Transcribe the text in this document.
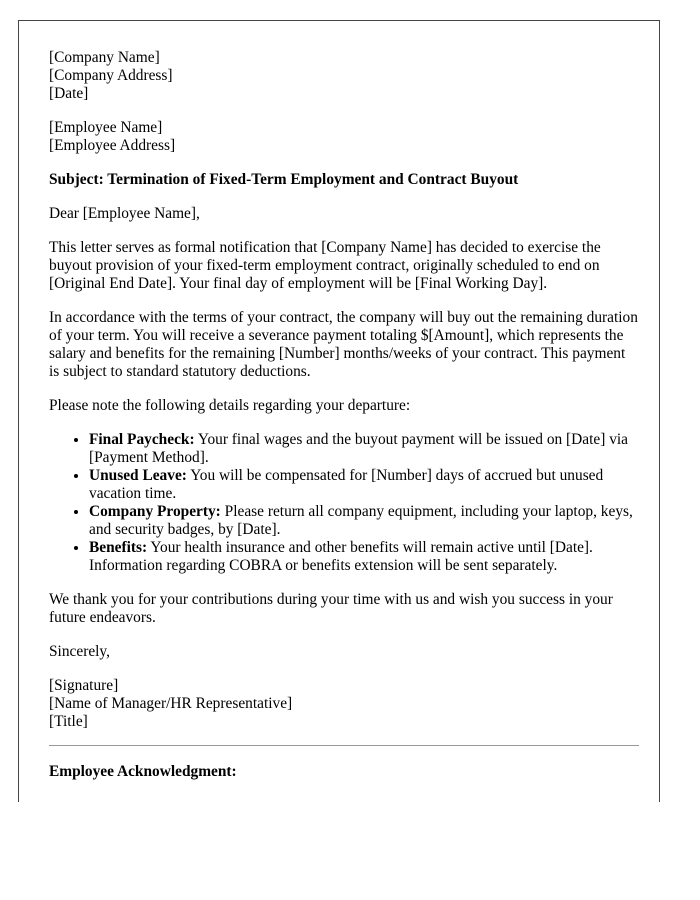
[Company Name]
[Company Address]
[Date]
[Employee Name]
[Employee Address]
Subject: Termination of Fixed-Term Employment and Contract Buyout

Dear [Employee Name],

This letter serves as formal notification that [Company Name] has decided to exercise the buyout provision of your fixed-term employment contract, originally scheduled to end on [Original End Date]. Your final day of employment will be [Final Working Day].

In accordance with the terms of your contract, the company will buy out the remaining duration of your term. You will receive a severance payment totaling $[Amount], which represents the salary and benefits for the remaining [Number] months/weeks of your contract. This payment is subject to standard statutory deductions.

Please note the following details regarding your departure:

• Final Paycheck: Your final wages and the buyout payment will be issued on [Date] via [Payment Method].
• Unused Leave: You will be compensated for [Number] days of accrued but unused vacation time.
• Company Property: Please return all company equipment, including your laptop, keys, and security badges, by [Date].
• Benefits: Your health insurance and other benefits will remain active until [Date]. Information regarding COBRA or benefits extension will be sent separately.

We thank you for your contributions during your time with us and wish you success in your future endeavors.

Sincerely,

[Signature]
[Name of Manager/HR Representative]
[Title]
Employee Acknowledgment:
